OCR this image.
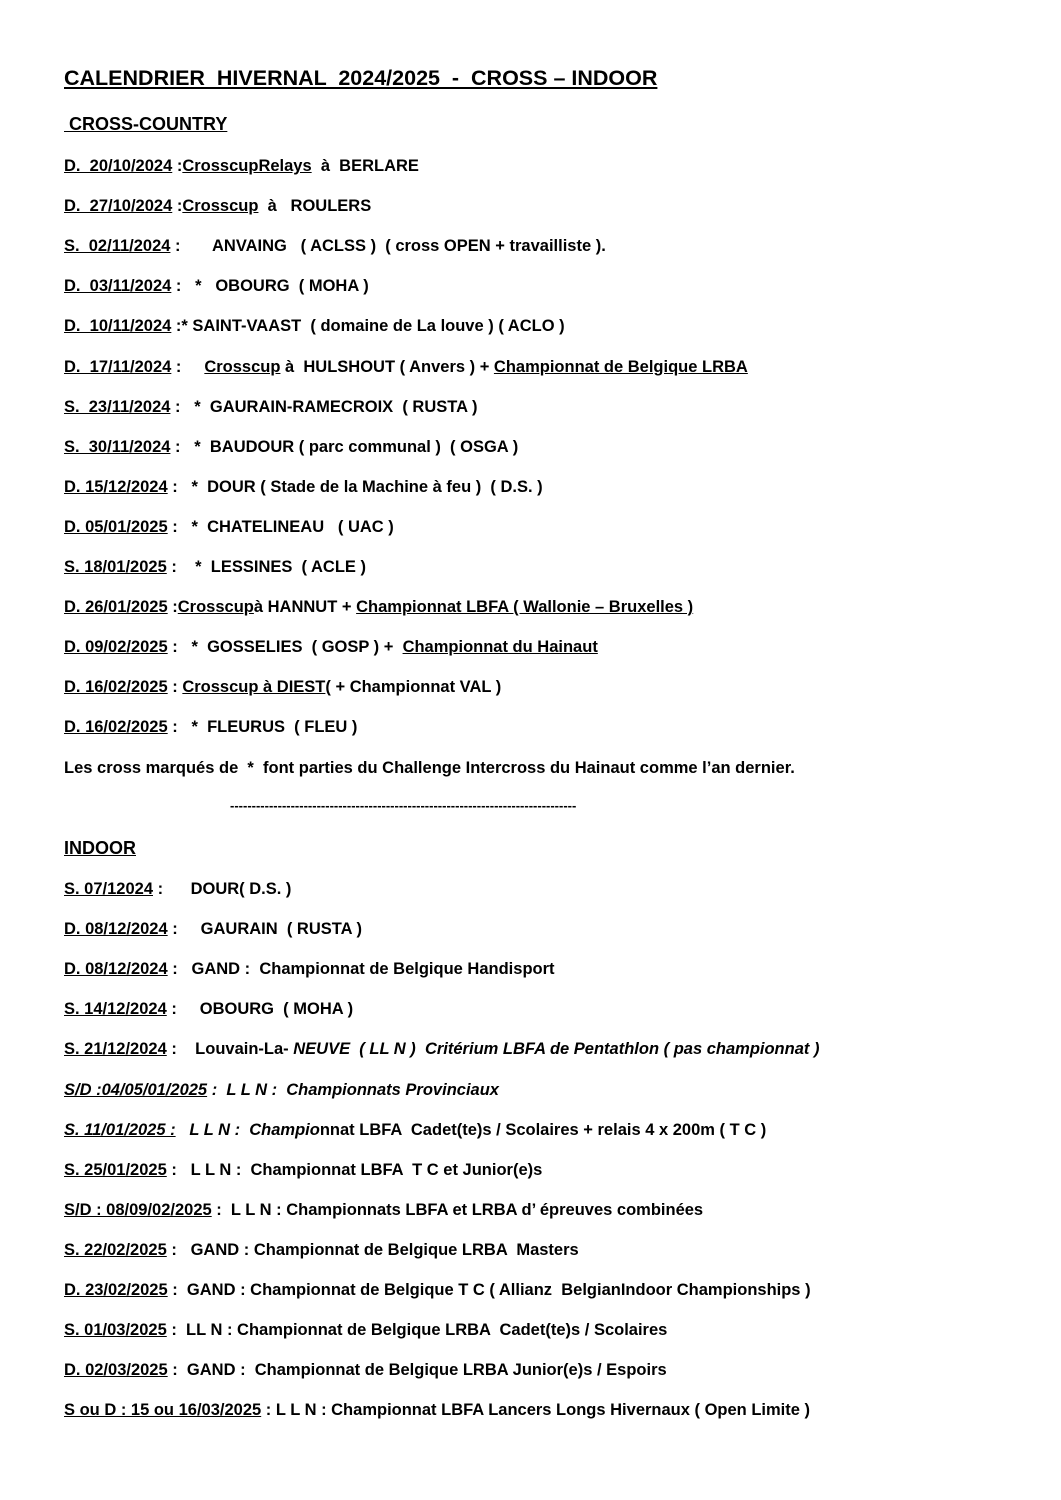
CALENDRIER  HIVERNAL  2024/2025  -  CROSS – INDOOR
CROSS-COUNTRY
D.  20/10/2024 :CrosscupRelays  à  BERLARE
D.  27/10/2024 :Crosscup  à   ROULERS
S.  02/11/2024 :       ANVAING   ( ACLSS )  ( cross OPEN + travailliste ).
D.  03/11/2024 :   *   OBOURG  ( MOHA )
D.  10/11/2024 :* SAINT-VAAST  ( domaine de La louve ) ( ACLO )
D.  17/11/2024 :     Crosscup à  HULSHOUT ( Anvers ) + Championnat de Belgique LRBA
S.  23/11/2024 :   *  GAURAIN-RAMECROIX  ( RUSTA )
S.  30/11/2024 :   *  BAUDOUR ( parc communal )  ( OSGA )
D. 15/12/2024 :   *  DOUR ( Stade de la Machine à feu )  ( D.S. )
D. 05/01/2025 :   *  CHATELINEAU   ( UAC )
S. 18/01/2025 :    *  LESSINES  ( ACLE )
D. 26/01/2025 :Crosscupà HANNUT + Championnat LBFA ( Wallonie – Bruxelles )
D. 09/02/2025 :   *  GOSSELIES  ( GOSP ) +  Championnat du Hainaut
D. 16/02/2025 : Crosscup à DIEST( + Championnat VAL )
D. 16/02/2025 :   *  FLEURUS  ( FLEU )
Les cross marqués de  *  font parties du Challenge Intercross du Hainaut comme l’an dernier.
--------------------------------------------------------------------------------
INDOOR
S. 07/12024 :      DOUR( D.S. )
D. 08/12/2024 :     GAURAIN  ( RUSTA )
D. 08/12/2024 :   GAND :  Championnat de Belgique Handisport
S. 14/12/2024 :     OBOURG  ( MOHA )
S. 21/12/2024 :    Louvain-La- NEUVE  ( LL N )  Critérium LBFA de Pentathlon ( pas championnat )
S/D :04/05/01/2025 :  L L N :  Championnats Provinciaux
S. 11/01/2025 :   L L N :  Championnat LBFA  Cadet(te)s / Scolaires + relais 4 x 200m ( T C )
S. 25/01/2025 :   L L N :  Championnat LBFA  T C et Junior(e)s
S/D : 08/09/02/2025 :  L L N : Championnats LBFA et LRBA d’ épreuves combinées
S. 22/02/2025 :   GAND : Championnat de Belgique LRBA  Masters
D. 23/02/2025 :  GAND : Championnat de Belgique T C ( Allianz  BelgianIndoor Championships )
S. 01/03/2025 :  LL N : Championnat de Belgique LRBA  Cadet(te)s / Scolaires
D. 02/03/2025 :  GAND :  Championnat de Belgique LRBA Junior(e)s / Espoirs
S ou D : 15 ou 16/03/2025 : L L N : Championnat LBFA Lancers Longs Hivernaux ( Open Limite )
